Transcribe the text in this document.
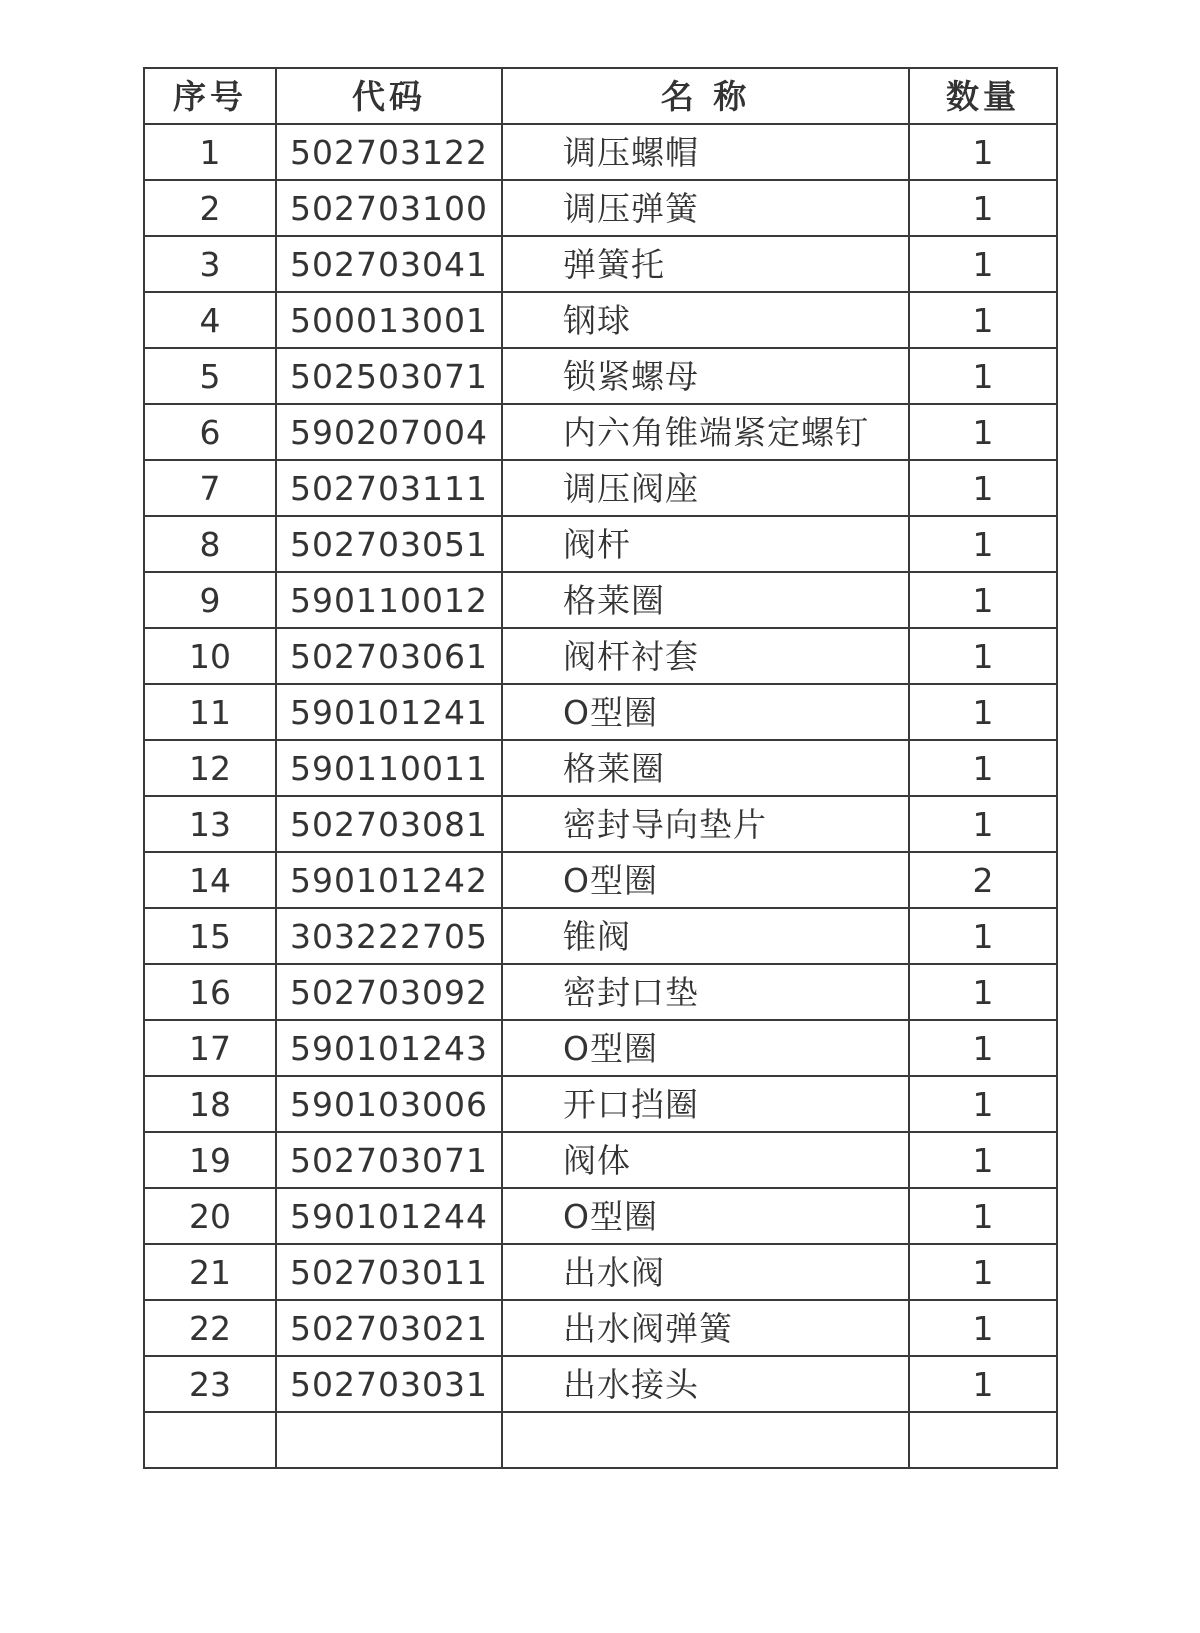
序号	代码	名 称	数量
1	502703122	调压螺帽	1
2	502703100	调压弹簧	1
3	502703041	弹簧托	1
4	500013001	钢球	1
5	502503071	锁紧螺母	1
6	590207004	内六角锥端紧定螺钉	1
7	502703111	调压阀座	1
8	502703051	阀杆	1
9	590110012	格莱圈	1
10	502703061	阀杆衬套	1
11	590101241	O型圈	1
12	590110011	格莱圈	1
13	502703081	密封导向垫片	1
14	590101242	O型圈	2
15	303222705	锥阀	1
16	502703092	密封口垫	1
17	590101243	O型圈	1
18	590103006	开口挡圈	1
19	502703071	阀体	1
20	590101244	O型圈	1
21	502703011	出水阀	1
22	502703021	出水阀弹簧	1
23	502703031	出水接头	1
